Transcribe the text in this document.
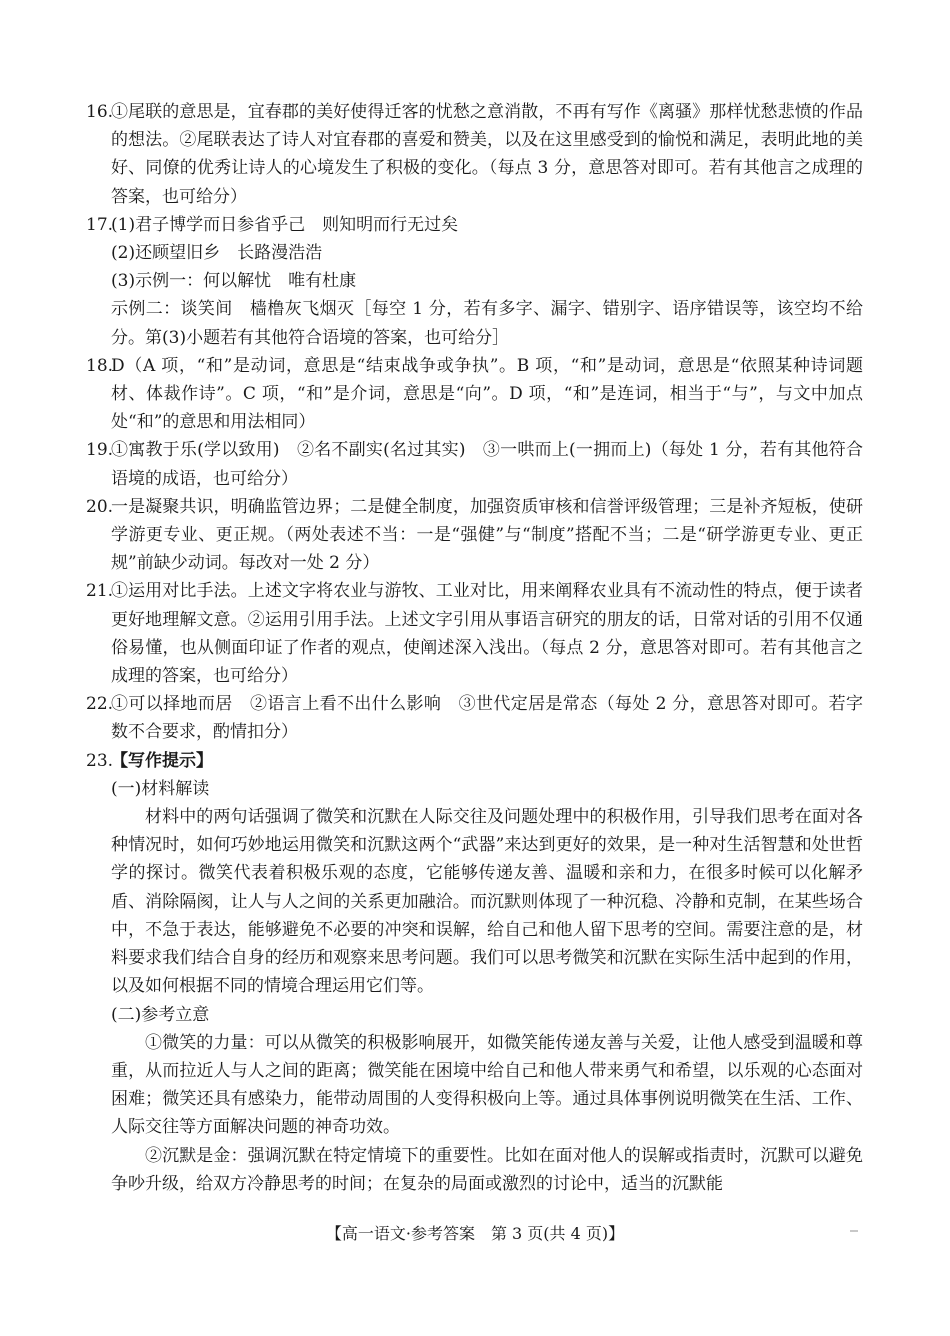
16.
①尾联的意思是，宜春郡的美好使得迁客的忧愁之意消散，不再有写作《离骚》那样忧愁悲愤的作品的想法。②尾联表达了诗人对宜春郡的喜爱和赞美，以及在这里感受到的愉悦和满足，表明此地的美好、同僚的优秀让诗人的心境发生了积极的变化。（每点 3 分，意思答对即可。若有其他言之成理的答案，也可给分）
17.
(1)君子博学而日参省乎己　则知明而行无过矣
(2)还顾望旧乡　长路漫浩浩
(3)示例一：何以解忧　唯有杜康
示例二：谈笑间　樯橹灰飞烟灭［每空 1 分，若有多字、漏字、错别字、语序错误等，该空均不给分。第(3)小题若有其他符合语境的答案，也可给分］
18.
D（A 项，“和”是动词，意思是“结束战争或争执”。B 项，“和”是动词，意思是“依照某种诗词题材、体裁作诗”。C 项，“和”是介词，意思是“向”。D 项，“和”是连词，相当于“与”，与文中加点处“和”的意思和用法相同）
19.
①寓教于乐(学以致用)　②名不副实(名过其实)　③一哄而上(一拥而上)（每处 1 分，若有其他符合语境的成语，也可给分）
20.
一是凝聚共识，明确监管边界；二是健全制度，加强资质审核和信誉评级管理；三是补齐短板，使研学游更专业、更正规。（两处表述不当：一是“强健”与“制度”搭配不当；二是“研学游更专业、更正规”前缺少动词。每改对一处 2 分）
21.
①运用对比手法。上述文字将农业与游牧、工业对比，用来阐释农业具有不流动性的特点，便于读者更好地理解文意。②运用引用手法。上述文字引用从事语言研究的朋友的话，日常对话的引用不仅通俗易懂，也从侧面印证了作者的观点，使阐述深入浅出。（每点 2 分，意思答对即可。若有其他言之成理的答案，也可给分）
22.
①可以择地而居　②语言上看不出什么影响　③世代定居是常态（每处 2 分，意思答对即可。若字数不合要求，酌情扣分）
23.
【写作提示】
(一)材料解读
材料中的两句话强调了微笑和沉默在人际交往及问题处理中的积极作用，引导我们思考在面对各种情况时，如何巧妙地运用微笑和沉默这两个“武器”来达到更好的效果，是一种对生活智慧和处世哲学的探讨。微笑代表着积极乐观的态度，它能够传递友善、温暖和亲和力，在很多时候可以化解矛盾、消除隔阂，让人与人之间的关系更加融洽。而沉默则体现了一种沉稳、冷静和克制，在某些场合中，不急于表达，能够避免不必要的冲突和误解，给自己和他人留下思考的空间。需要注意的是，材料要求我们结合自身的经历和观察来思考问题。我们可以思考微笑和沉默在实际生活中起到的作用，以及如何根据不同的情境合理运用它们等。
(二)参考立意
①微笑的力量：可以从微笑的积极影响展开，如微笑能传递友善与关爱，让他人感受到温暖和尊重，从而拉近人与人之间的距离；微笑能在困境中给自己和他人带来勇气和希望，以乐观的心态面对困难；微笑还具有感染力，能带动周围的人变得积极向上等。通过具体事例说明微笑在生活、工作、人际交往等方面解决问题的神奇功效。
②沉默是金：强调沉默在特定情境下的重要性。比如在面对他人的误解或指责时，沉默可以避免争吵升级，给双方冷静思考的时间；在复杂的局面或激烈的讨论中，适当的沉默能
【高一语文·参考答案　第 3 页(共 4 页)】
